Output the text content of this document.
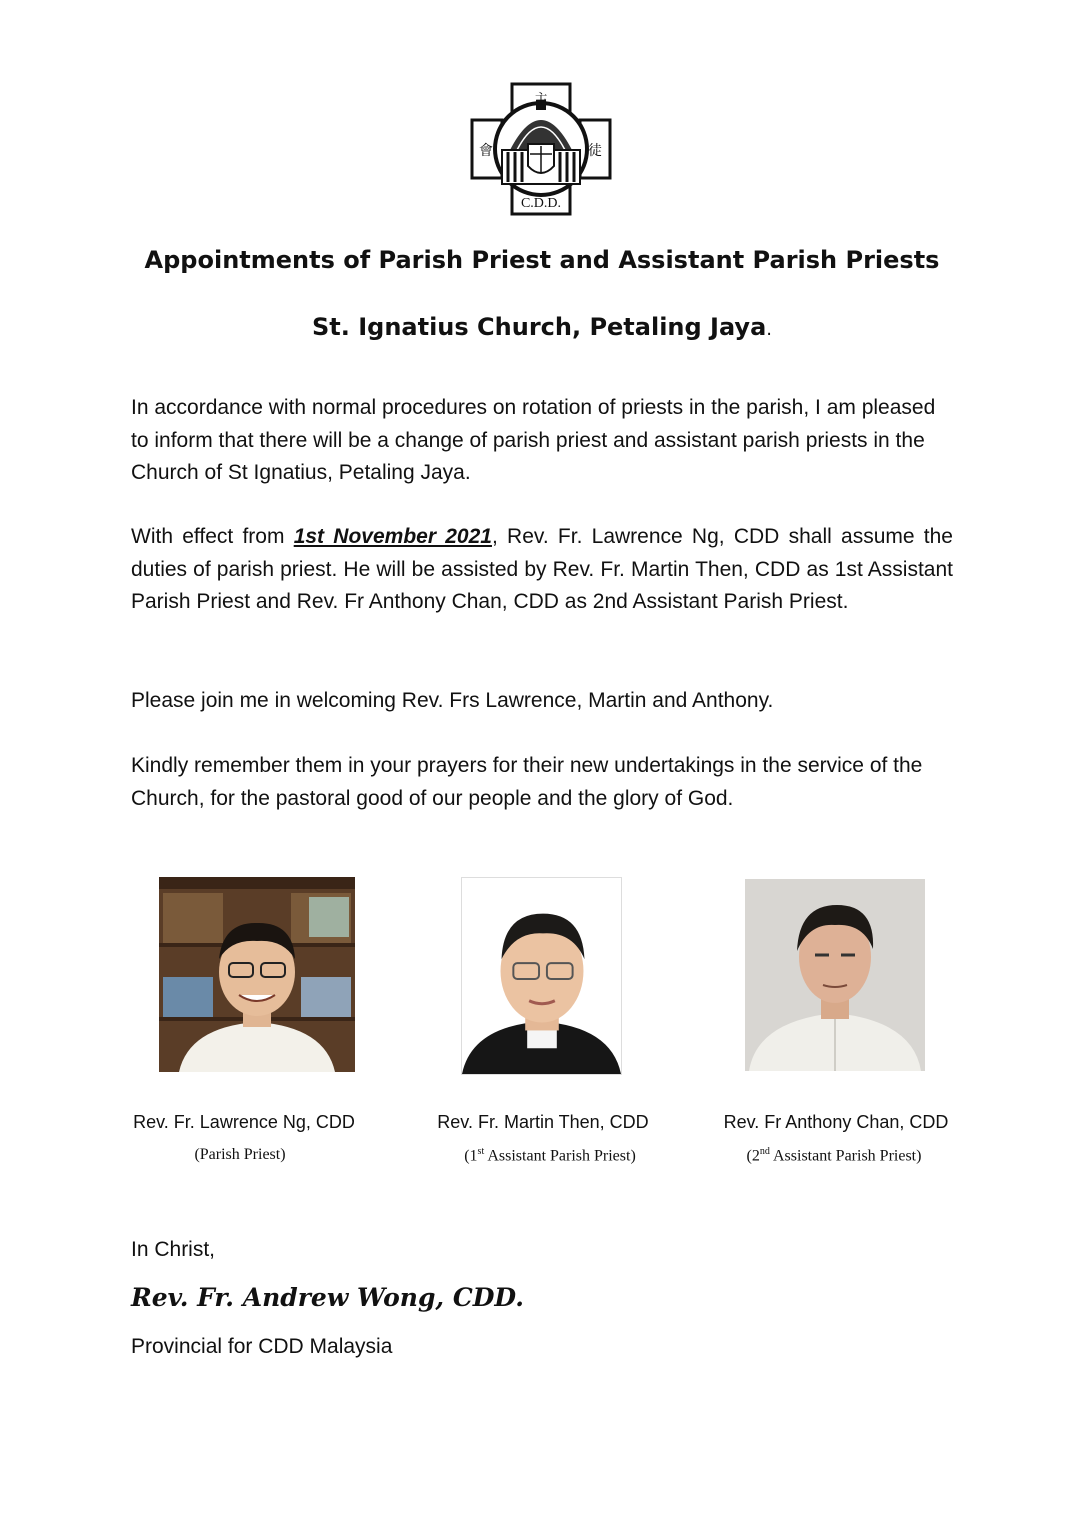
會	徒
主
C.D.D.

Appointments of Parish Priest and Assistant Parish Priests

St. Ignatius Church, Petaling Jaya.

In accordance with normal procedures on rotation of priests in the parish, I am pleased to inform that there will be a change of parish priest and assistant parish priests in the Church of St Ignatius, Petaling Jaya.

With effect from 1st November 2021, Rev. Fr. Lawrence Ng, CDD shall assume the duties of parish priest. He will be assisted by Rev. Fr. Martin Then, CDD as 1st Assistant Parish Priest and Rev. Fr Anthony Chan, CDD as 2nd Assistant Parish Priest.

Please join me in welcoming Rev. Frs Lawrence, Martin and Anthony.

Kindly remember them in your prayers for their new undertakings in the service of the Church, for the pastoral good of our people and the glory of God.

Rev. Fr. Lawrence Ng, CDD

(Parish Priest)

Rev. Fr. Martin Then, CDD

(1st Assistant Parish Priest)

Rev. Fr Anthony Chan, CDD

(2nd Assistant Parish Priest)

In Christ,

Rev. Fr. Andrew Wong, CDD.

Provincial for CDD Malaysia
